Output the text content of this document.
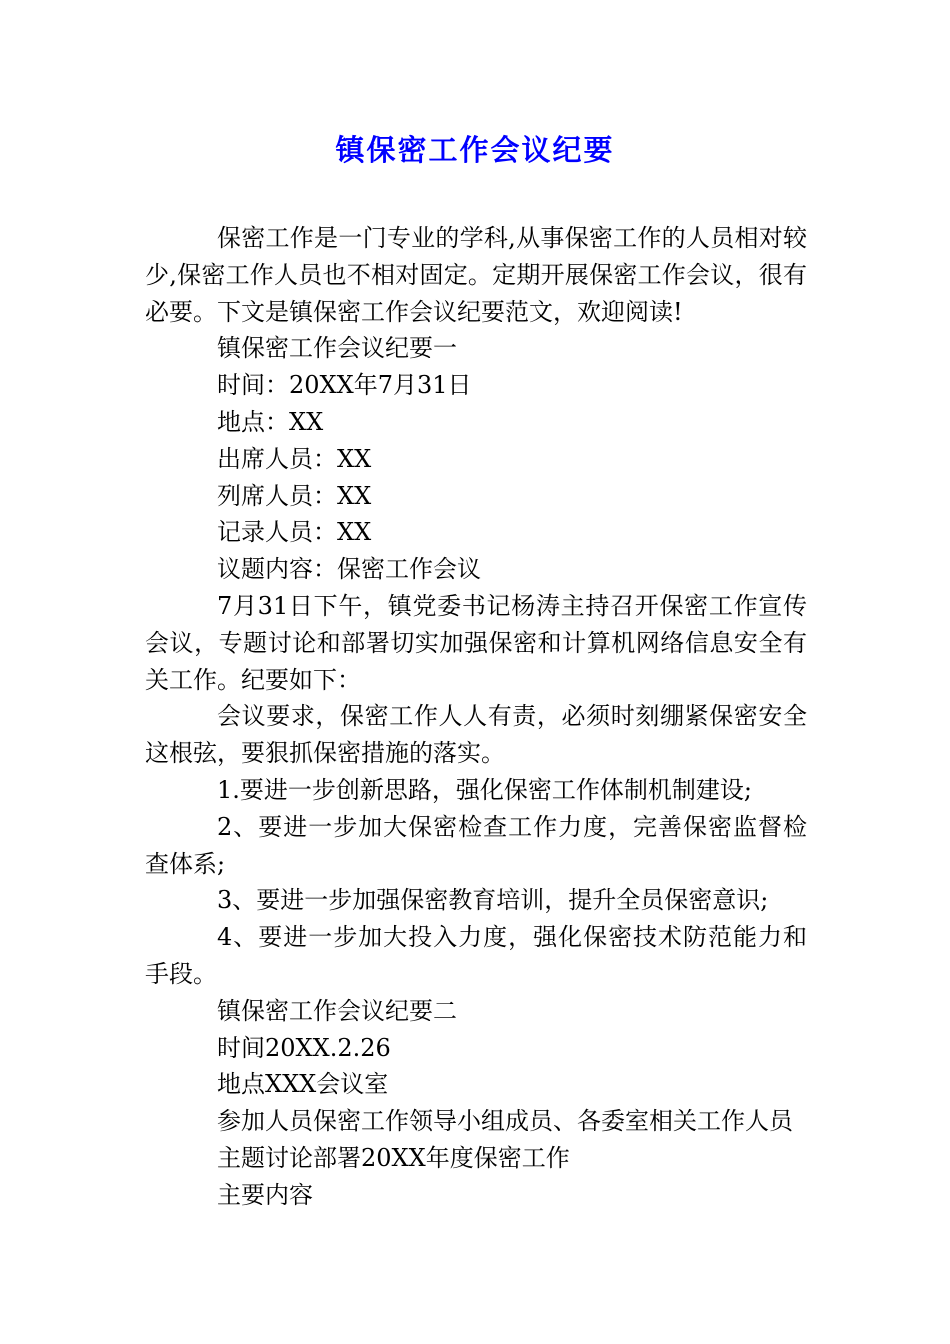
镇保密工作会议纪要

保密工作是一门专业的学科,从事保密工作的人员相对较少,保密工作人员也不相对固定。定期开展保密工作会议，很有必要。下文是镇保密工作会议纪要范文，欢迎阅读!

镇保密工作会议纪要一

时间：20XX年7月31日

地点：XX

出席人员：XX

列席人员：XX

记录人员：XX

议题内容：保密工作会议

7月31日下午，镇党委书记杨涛主持召开保密工作宣传会议，专题讨论和部署切实加强保密和计算机网络信息安全有关工作。纪要如下：

会议要求，保密工作人人有责，必须时刻绷紧保密安全这根弦，要狠抓保密措施的落实。

1.要进一步创新思路，强化保密工作体制机制建设;

2、要进一步加大保密检查工作力度，完善保密监督检查体系;

3、要进一步加强保密教育培训，提升全员保密意识;

4、要进一步加大投入力度，强化保密技术防范能力和手段。

镇保密工作会议纪要二

时间20XX.2.26

地点XXX会议室

参加人员保密工作领导小组成员、各委室相关工作人员

主题讨论部署20XX年度保密工作

主要内容
